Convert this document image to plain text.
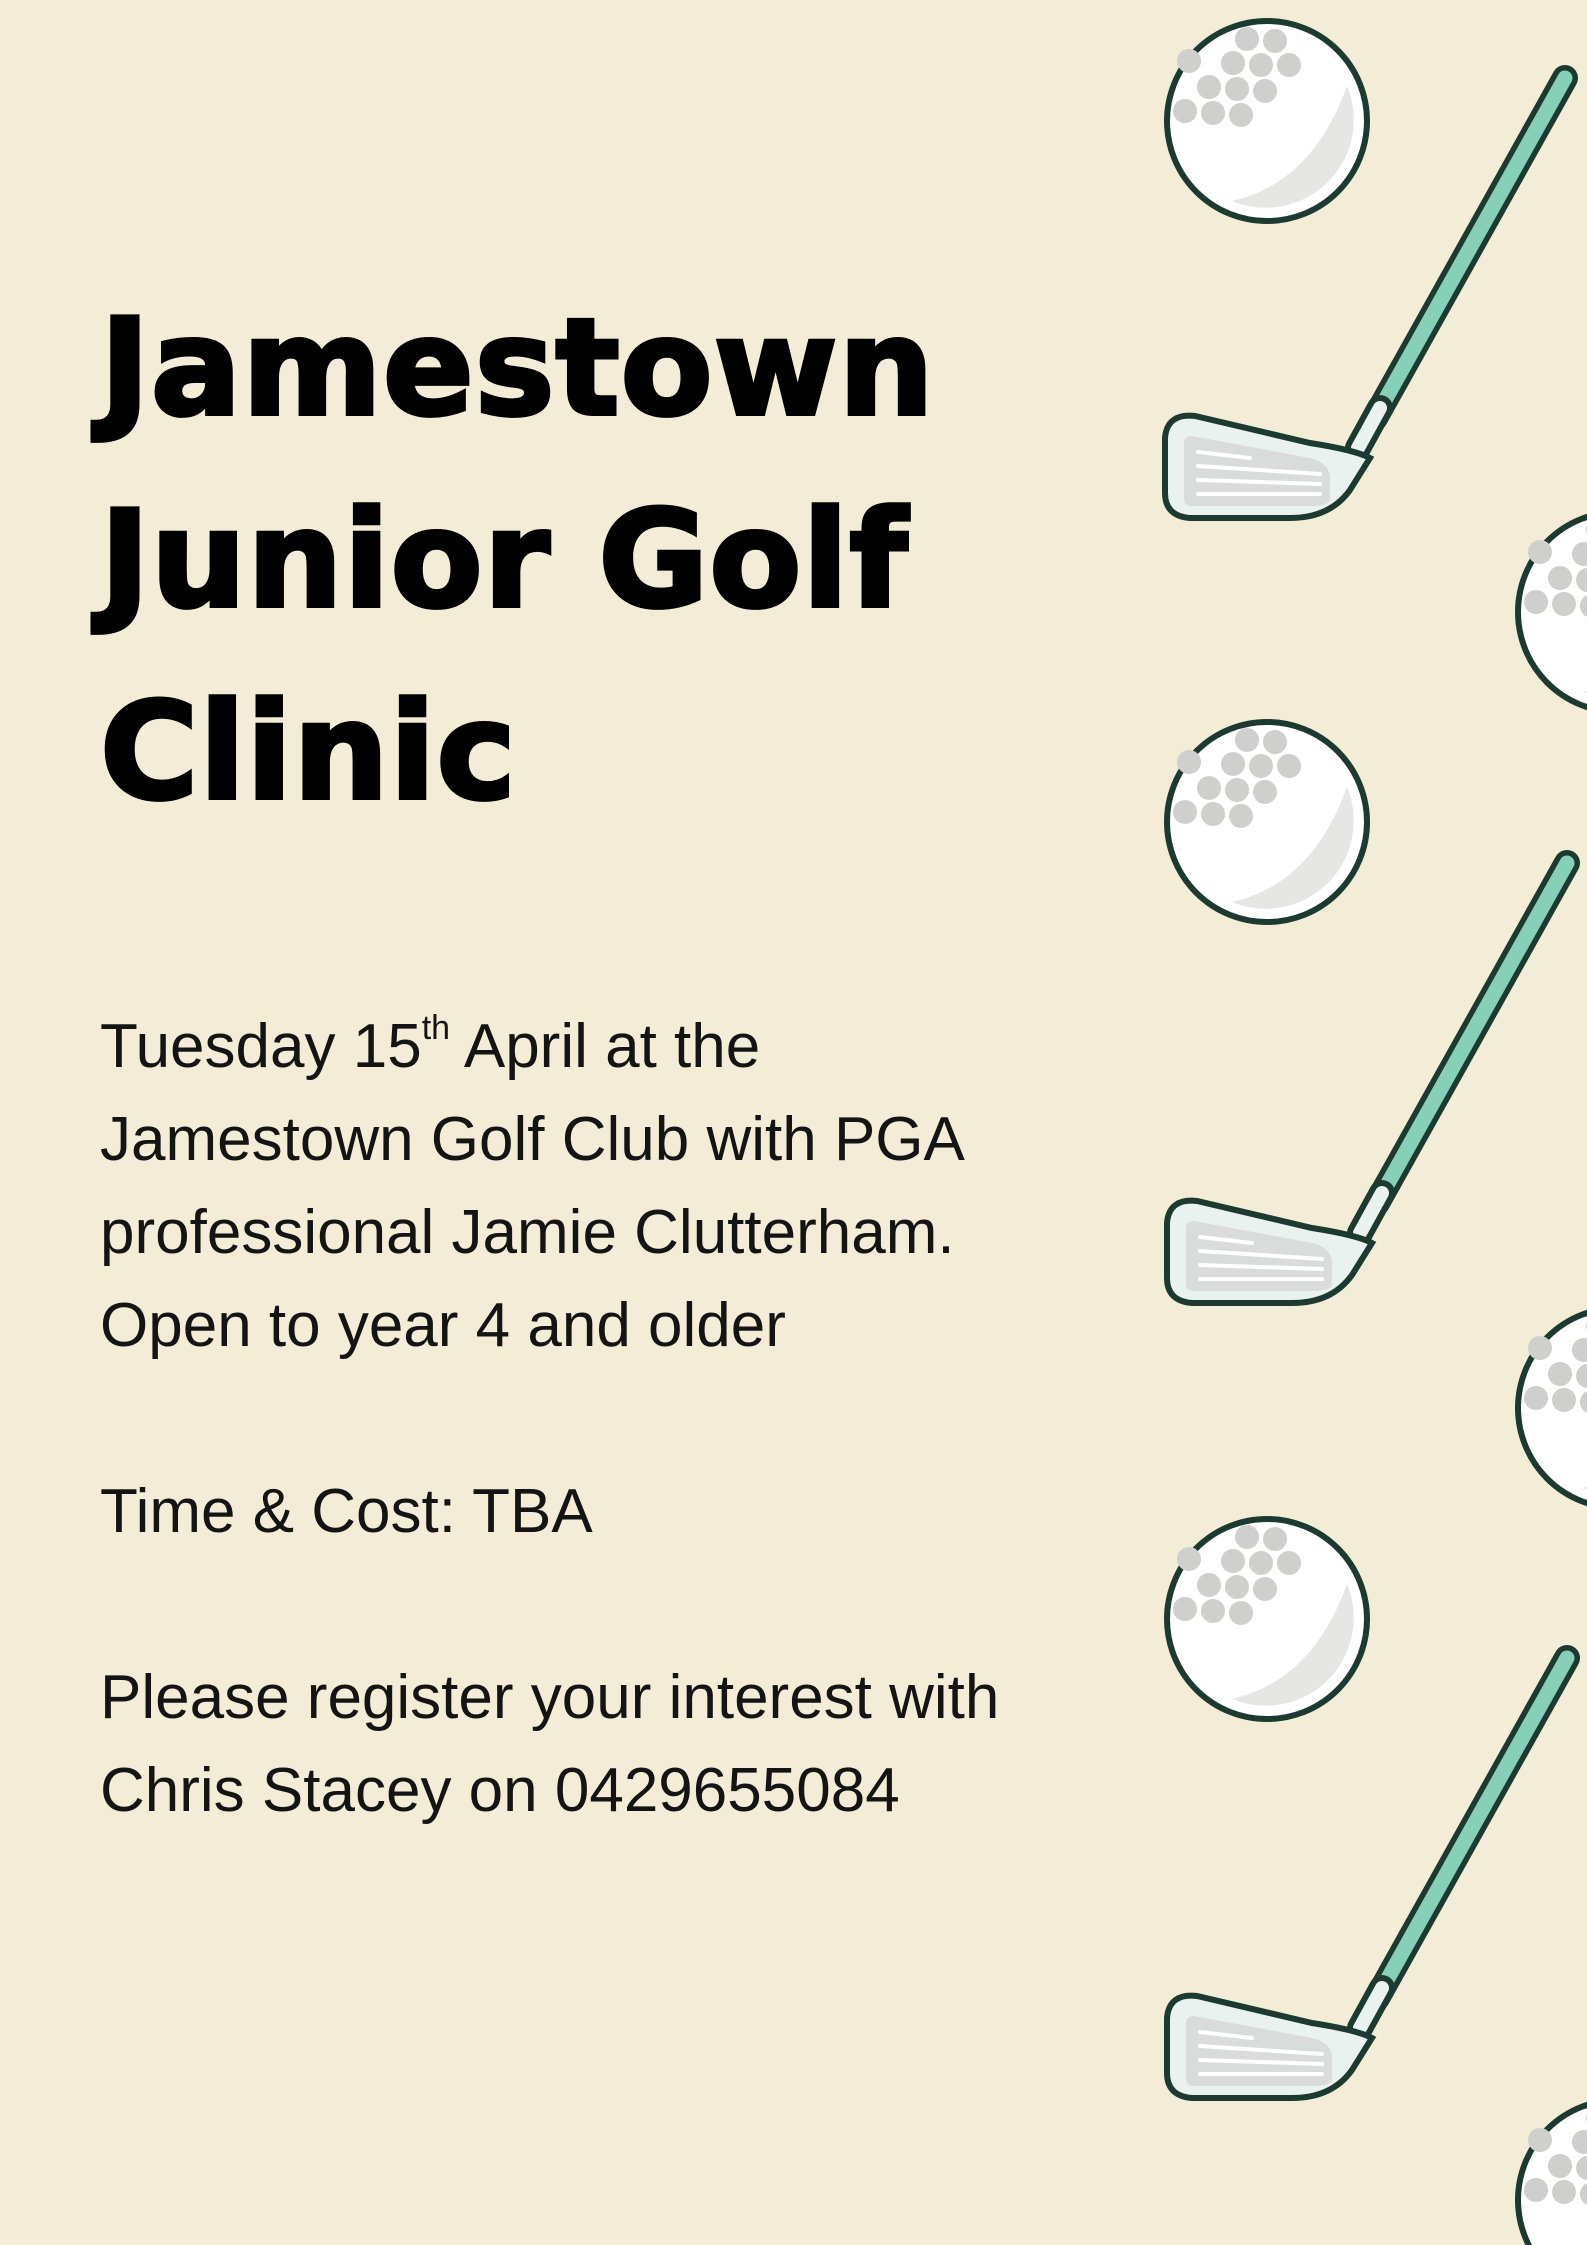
Jamestown
Junior Golf
Clinic
Tuesday 15th April at the
Jamestown Golf Club with PGA
professional Jamie Clutterham.
Open to year 4 and older
Time & Cost: TBA
Please register your interest with
Chris Stacey on 0429655084
